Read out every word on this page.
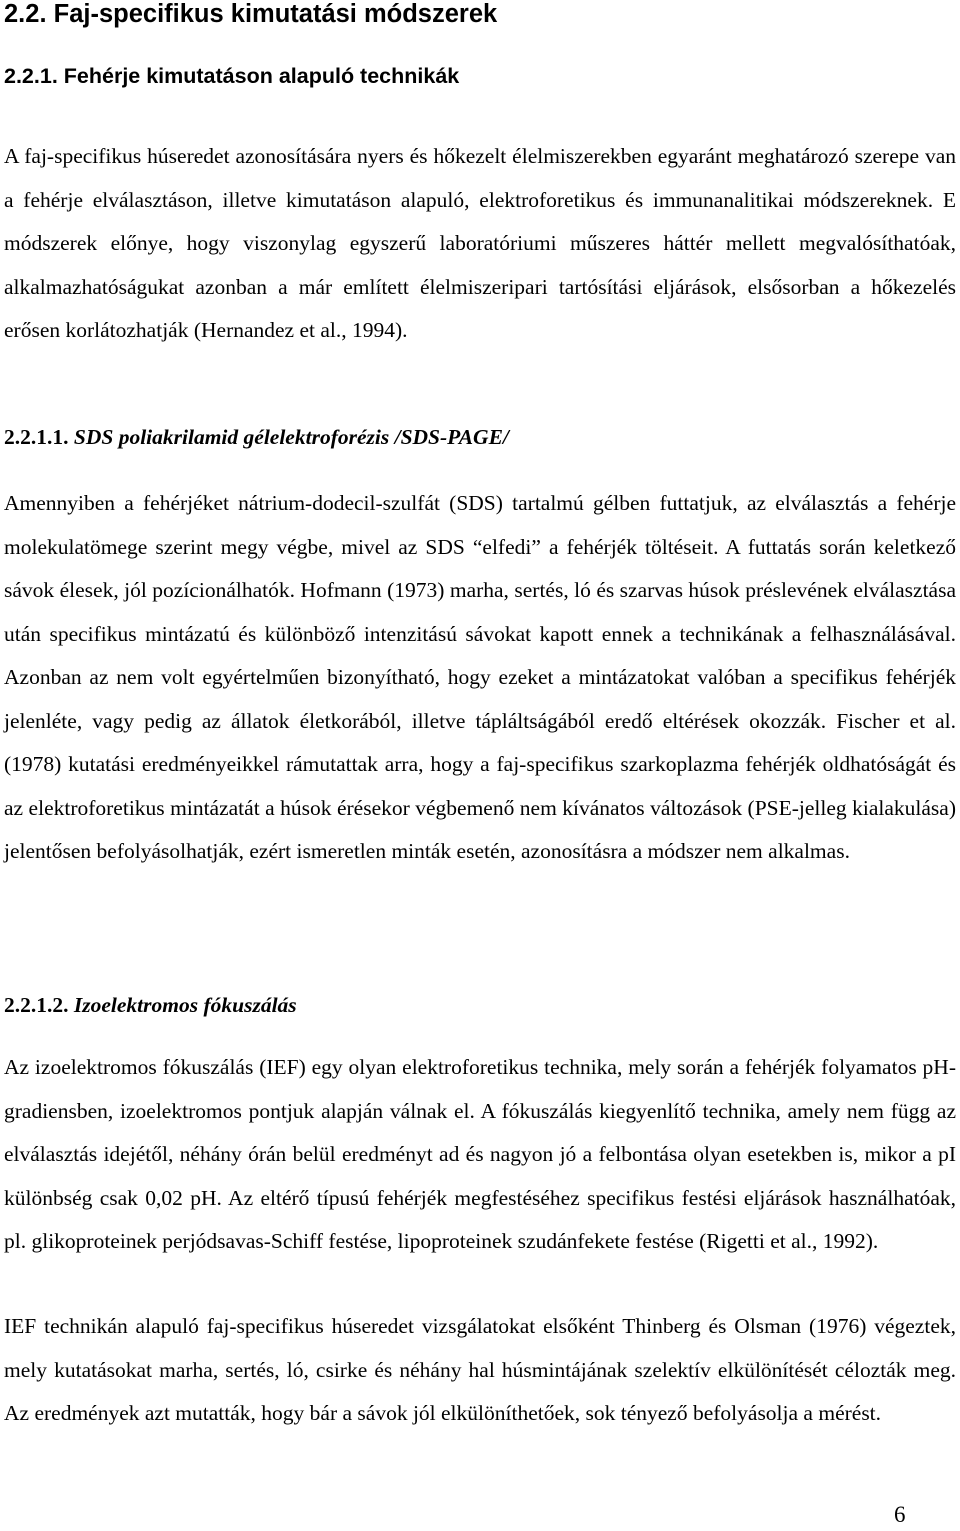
2.2. Faj-specifikus kimutatási módszerek
2.2.1. Fehérje kimutatáson alapuló technikák

A faj-specifikus húseredet azonosítására nyers és hőkezelt élelmiszerekben egyaránt meghatározó szerepe van a fehérje elválasztáson, illetve kimutatáson alapuló, elektroforetikus és immunanalitikai módszereknek. E módszerek előnye, hogy viszonylag egyszerű laboratóriumi műszeres háttér mellett megvalósíthatóak, alkalmazhatóságukat azonban a már említett élelmiszeripari tartósítási eljárások, elsősorban a hőkezelés erősen korlátozhatják (Hernandez et al., 1994).

2.2.1.1. SDS poliakrilamid gélelektroforézis /SDS-PAGE/

Amennyiben a fehérjéket nátrium-dodecil-szulfát (SDS) tartalmú gélben futtatjuk, az elválasztás a fehérje molekulatömege szerint megy végbe, mivel az SDS “elfedi” a fehérjék töltéseit. A futtatás során keletkező sávok élesek, jól pozícionálhatók. Hofmann (1973) marha, sertés, ló és szarvas húsok préslevének elválasztása után specifikus mintázatú és különböző intenzitású sávokat kapott ennek a technikának a felhasználásával. Azonban az nem volt egyértelműen bizonyítható, hogy ezeket a mintázatokat valóban a specifikus fehérjék jelenléte, vagy pedig az állatok életkorából, illetve tápláltságából eredő eltérések okozzák. Fischer et al. (1978) kutatási eredményeikkel rámutattak arra, hogy a faj-specifikus szarkoplazma fehérjék oldhatóságát és az elektroforetikus mintázatát a húsok érésekor végbemenő nem kívánatos változások (PSE-jelleg kialakulása) jelentősen befolyásolhatják, ezért ismeretlen minták esetén, azonosításra a módszer nem alkalmas.

2.2.1.2. Izoelektromos fókuszálás

Az izoelektromos fókuszálás (IEF) egy olyan elektroforetikus technika, mely során a fehérjék folyamatos pH-gradiensben, izoelektromos pontjuk alapján válnak el. A fókuszálás kiegyenlítő technika, amely nem függ az elválasztás idejétől, néhány órán belül eredményt ad és nagyon jó a felbontása olyan esetekben is, mikor a pI különbség csak 0,02 pH. Az eltérő típusú fehérjék megfestéséhez specifikus festési eljárások használhatóak, pl. glikoproteinek perjódsavas-Schiff festése, lipoproteinek szudánfekete festése (Rigetti et al., 1992).

IEF technikán alapuló faj-specifikus húseredet vizsgálatokat elsőként Thinberg és Olsman (1976) végeztek, mely kutatásokat marha, sertés, ló, csirke és néhány hal húsmintájának szelektív elkülönítését célozták meg. Az eredmények azt mutatták, hogy bár a sávok jól elkülöníthetőek, sok tényező befolyásolja a mérést.

6
